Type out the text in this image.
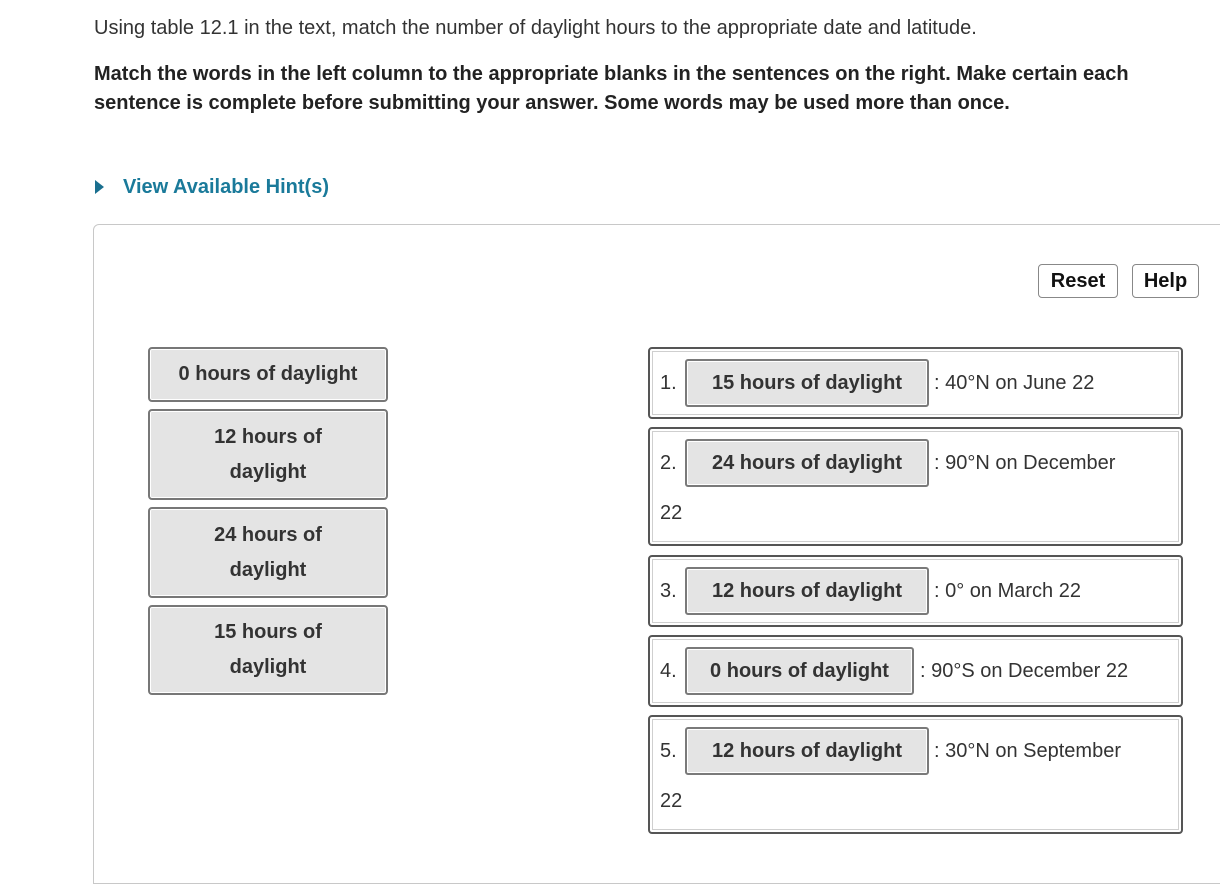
Using table 12.1 in the text, match the number of daylight hours to the appropriate date and latitude.
Match the words in the left column to the appropriate blanks in the sentences on the right. Make certain each sentence is complete before submitting your answer. Some words may be used more than once.
View Available Hint(s)
Reset	Help
0 hours of daylight
12 hours of daylight
24 hours of daylight
15 hours of daylight
1.	15 hours of daylight	: 40°N on June 22
2.	24 hours of daylight	: 90°N on December
22
3.	12 hours of daylight	: 0° on March 22
4.	0 hours of daylight	: 90°S on December 22
5.	12 hours of daylight	: 30°N on September
22
